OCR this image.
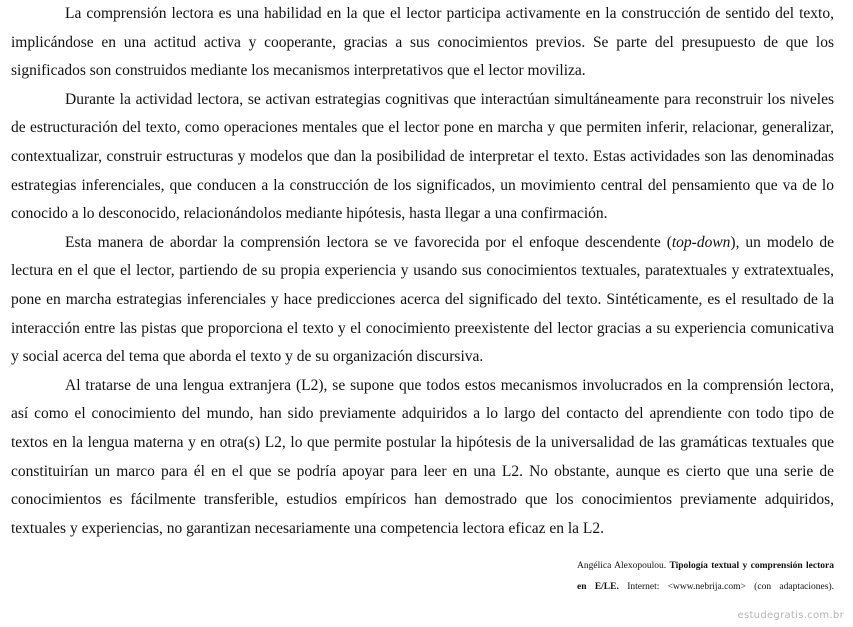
La comprensión lectora es una habilidad en la que el lector participa activamente en la construcción de sentido del texto, implicándose en una actitud activa y cooperante, gracias a sus conocimientos previos. Se parte del presupuesto de que los significados son construidos mediante los mecanismos interpretativos que el lector moviliza.

Durante la actividad lectora, se activan estrategias cognitivas que interactúan simultáneamente para reconstruir los niveles de estructuración del texto, como operaciones mentales que el lector pone en marcha y que permiten inferir, relacionar, generalizar, contextualizar, construir estructuras y modelos que dan la posibilidad de interpretar el texto. Estas actividades son las denominadas estrategias inferenciales, que conducen a la construcción de los significados, un movimiento central del pensamiento que va de lo conocido a lo desconocido, relacionándolos mediante hipótesis, hasta llegar a una confirmación.

Esta manera de abordar la comprensión lectora se ve favorecida por el enfoque descendente (top-down), un modelo de lectura en el que el lector, partiendo de su propia experiencia y usando sus conocimientos textuales, paratextuales y extratextuales, pone en marcha estrategias inferenciales y hace predicciones acerca del significado del texto. Sintéticamente, es el resultado de la interacción entre las pistas que proporciona el texto y el conocimiento preexistente del lector gracias a su experiencia comunicativa y social acerca del tema que aborda el texto y de su organización discursiva.

Al tratarse de una lengua extranjera (L2), se supone que todos estos mecanismos involucrados en la comprensión lectora, así como el conocimiento del mundo, han sido previamente adquiridos a lo largo del contacto del aprendiente con todo tipo de textos en la lengua materna y en otra(s) L2, lo que permite postular la hipótesis de la universalidad de las gramáticas textuales que constituirían un marco para él en el que se podría apoyar para leer en una L2. No obstante, aunque es cierto que una serie de conocimientos es fácilmente transferible, estudios empíricos han demostrado que los conocimientos previamente adquiridos, textuales y experiencias, no garantizan necesariamente una competencia lectora eficaz en la L2.

Angélica Alexopoulou. Tipología textual y comprensión lectora en E/LE. Internet: <www.nebrija.com> (con adaptaciones).
estudegratis.com.br
